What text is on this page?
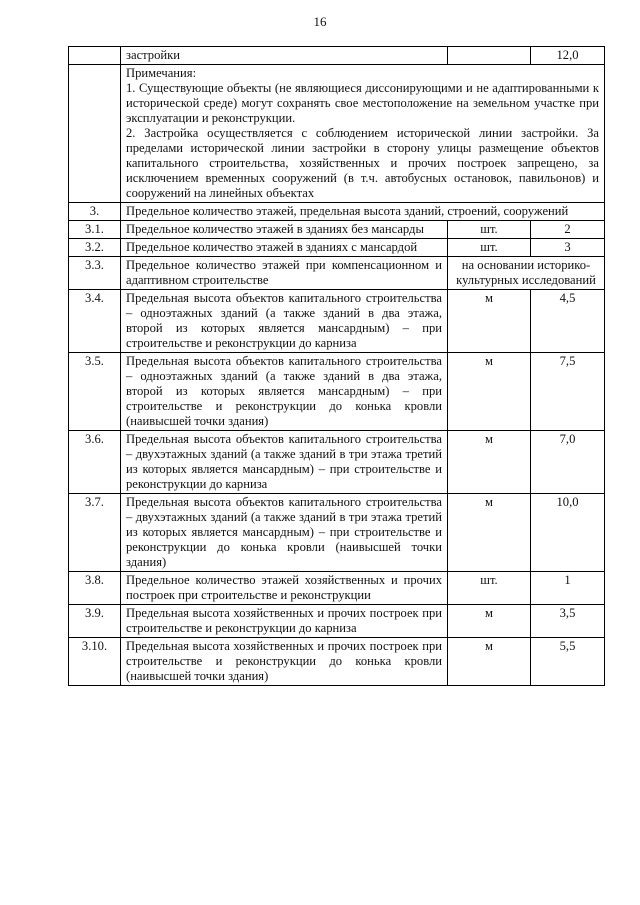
16
	застройки		12,0

	Примечания:
1. Существующие объекты (не являющиеся диссонирующими и не адаптированными к исторической среде) могут сохранять свое местоположение на земельном участке при эксплуатации и реконструкции.
2. Застройка осуществляется с соблюдением исторической линии застройки. За пределами исторической линии застройки в сторону улицы размещение объектов капитального строительства, хозяйственных и прочих построек запрещено, за исключением временных сооружений (в т.ч. автобусных остановок, павильонов) и сооружений на линейных объектах		

3.	Предельное количество этажей, предельная высота зданий, строений, сооружений		
3.1.	Предельное количество этажей в зданиях без мансарды	шт.	2
3.2.	Предельное количество этажей в зданиях с мансардой	шт.	3
3.3.	Предельное количество этажей при компенсационном и адаптивном строительстве	на основании историко-культурных исследований	
3.4.	Предельная высота объектов капитального строительства – одноэтажных зданий (а также зданий в два этажа, второй из которых является мансардным) – при строительстве и реконструкции до карниза	м	4,5
3.5.	Предельная высота объектов капитального строительства – одноэтажных зданий (а также зданий в два этажа, второй из которых является мансардным) – при строительстве и реконструкции до конька кровли (наивысшей точки здания)	м	7,5
3.6.	Предельная высота объектов капитального строительства – двухэтажных зданий (а также зданий в три этажа третий из которых является мансардным) – при строительстве и реконструкции до карниза	м	7,0
3.7.	Предельная высота объектов капитального строительства – двухэтажных зданий (а также зданий в три этажа третий из которых является мансардным) – при строительстве и реконструкции до конька кровли (наивысшей точки здания)	м	10,0
3.8.	Предельное количество этажей хозяйственных и прочих построек при строительстве и реконструкции	шт.	1
3.9.	Предельная высота хозяйственных и прочих построек при строительстве и реконструкции до карниза	м	3,5
3.10.	Предельная высота хозяйственных и прочих построек при строительстве и реконструкции до конька кровли (наивысшей точки здания)	м	5,5
